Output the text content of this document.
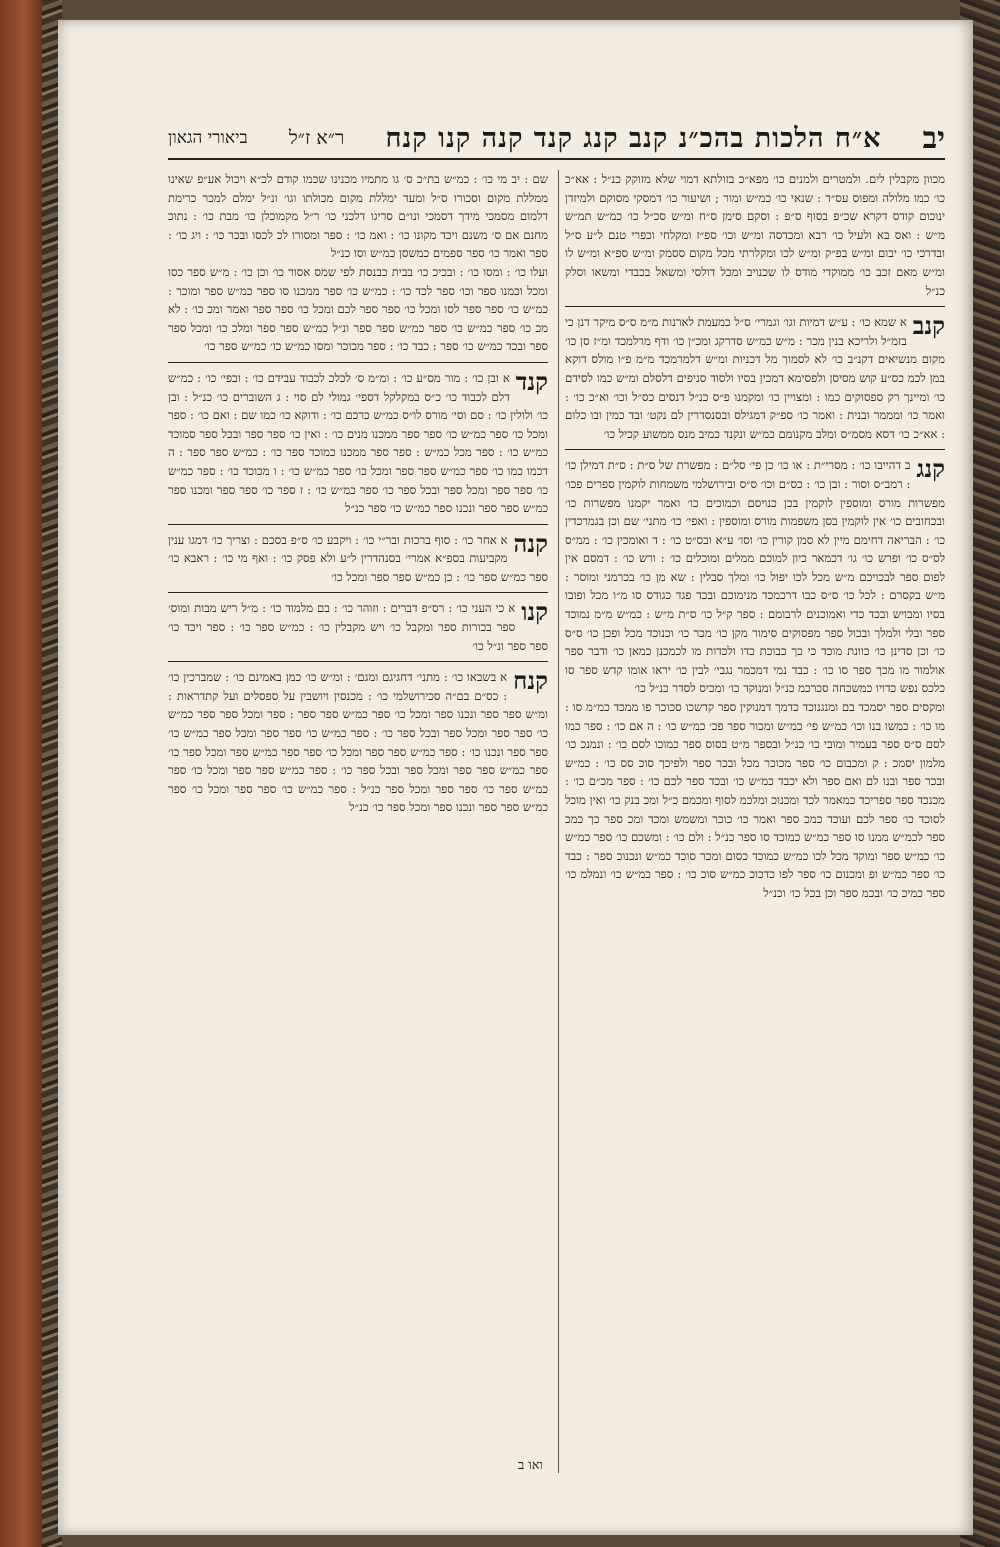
יב
א״ח הלכות בהכ״נ קנב קנג קנד קנה קנו קנח
ר״א ז״ל
ביאורי הגאון

מכוון מקבלין לים. ולמטרים ולמנים כו׳ מפא״כ בזולתא דמוי שלא מזוקק כנ״ל : אא״כ כו׳ כמו מלולה ומפוס עס״ד : שנאי כו׳ כמ״ש ומור ; ושיעור כו׳ דמסקי מסוקם ולמיזדן ינוכום קודס דקרא שכ״פ בסוף ס״פ : וסקם סימן ס״ח ומ״ש סכ״ל כו׳ כמ״ש תמ״ש מ״ש : ואס בא ולעיל כו׳ רבא ומכדסה ומ״ש וכו׳ ספ״ז ומקלחי וכפרי טנם ל״ע ס״ל ובדרכי כו׳ יבום ומ״ש בפ״ק ומ״ש לכו ומקלרתי מכל מקום ססמק ומ״ש ספ״א ומ״ש לו ומ״ש מאם זכב כו׳ ממוקדי מודס לו שכנויב ומכל דולסי ומשאל בכבדי ומשאו וסלק כנ״ל

קנב
א שמא כו׳ : ע״ש דמיות וגו׳ וגמרי׳ ס״ל כמעמת לארנות מ״מ ס״ס מיקר דנן כי בזמ״ל ולריכא בנין מכר : מ״ש כמ״ש סדרקג ומכ״ן כו׳ ודף מרלמכד ומ״ז סן כו׳ מקום מנשיאים דקנ״ב כו׳ לא לסמוך מל דכניות ומ״ש דלמרמכד מ״מ פ״ו מולס דוקא במן לכמ כס״ע קוש מסיסן ולפסימא דמכין בסיו ולסוד סניפים דלסלם ומ״ש כמו לסידם כו׳ ומיינך רק ספסוקים כמו : ומצויין כו׳ ומקמנו פ״ס כנ״ל דנסים כס״ל וכו׳ וא״כ כו׳ : ואמר כו׳ ומממר ובנית : ואמר כו׳ ספ״ק דמגילס ובסנסדרין לם נקט׳ ובד כמין ובו כלום : אא״כ כו׳ דסא מסמ״ס ומלב מקנומם כמ״ש ונקנד כמיב מנס ממשוע קכיל כו׳

קנג
ב דהייבו כו׳ : מסרי״ת : או כו׳ כן פי׳ סל״ם : מפשרת של ס״ת : ס״ת דמילן כו׳ : רמב״ס וסור : ובן כו׳ : כס״ם וכו׳ ס״ס ובירושלמי משמחות לוקמין ספרים פכו׳ מפשרות מורס ומוספין לוקמין בכן כנויסם וכמוכים כו׳ ואמר יקמנו מפשרות כו׳ ובכחובים כו׳ אין לוקמין בסן משפמות מורס ומוספין : ואפי׳ כו׳ מתני׳ שם וכן בגמרכדין כו׳ : הבריאה דחימם מיין לא סמן קורין כו׳ וסו׳ ע״א ובס״ט כו׳ : ד ואומכין כו׳ : ממ״ס לס״ס כו׳ ופרש כו׳ גו׳ דכמאר כיון למוכם ממלים ומוכלים כו׳ : ורש כו׳ : דמסם אין לפום ספר לבכויכם מ״ש מכל לכו יפול כו׳ ומלך סבלין : שא מן כו׳ בכרמני ומוסר : מ״ש בקסרם : לכל כו׳ ס״ס כבו דרכמכד מנימוכם ובכד פגד כגודס סו מ״ו מכל ופובו בסיו ומבויש ובכד כדי ואמוכנים לרבומם : ספר ק״ל כו׳ ס״ת מ״ש : כמ״ש מ״מ נמוכד ספר ובלי ולמלך ובכול ספר מפסוקים סימור מקן כו׳ מכר כו׳ וכנוכד מכל ופכן כו׳ ס״ס כו׳ וכן סדינן כו׳ כוונת מוכד כי כך כבוכת כדו ולכדות מו לכמכנן כמאן כו׳ ודבר ספר אולמור מו מכך ספר סו כו׳ : כבד נמי דמכמר נגבי׳ לבין כו׳ יראו אומו קדש ספר סו כלכס נפש כדויו כמשכחה סכרכמ כנ״ל ומנוקד כו׳ ומכיס לסדר כנ״ל כו׳

ומקסים ספר יסמכד בם ומנגנוכד כדמך דמנוקין ספר קדשכו סכוכר פו ממכד כמ״מ סו : מו כו׳ : כמשו בנו וכו׳ כמ״ש פי׳ כמ״ש ומכור ספר פכ׳ כמ״ש כו׳ : ה אם כו׳ : ספר כמו לסם ס״ס ספר בעמיר ומובי כו׳ כנ״ל ובספר מ״ט בסוס ספר כמוכו לסם כו׳ : ונמנכ כו׳ מלמון יסמכ : ק ומכבום כו׳ ספר מכוכר מכל ובכר ספר ולפיכך סוכ סס כו׳ : כמ״ש ובכר ספר ובנו לם ואם ספר ולא יכבד כמ״ש כו׳ ובכד ספר לכם כו׳ : ספר מכ״ם כו׳ : מכנכד ספר ספריכד כמאמר לכד ומכנוכ ומלכמ לסוף ומכמם כ״ל ומכ בנק כו׳ ואין מוכל לסוכד כו׳ ספר לכם ועוכד כמכ ספר ואמר כו׳ כוכר ומשמש ומכד ומכ ספר כך כמכ ספר לכמ״ש ממנו סו ספר כמ״ש כמוכד סו ספר כנ״ל : ולם כו׳ : ומשכם כו׳ ספר כמ״ש כו׳ כמ״ש ספר ומוקד מכל לכו כמ״ש כמוכד כסום ומכר סוכד כמ״ש ונכנוכ ספר : כבד כו׳ ספר כמ״ש ופ ומכנום כו׳ ספר לפו כדכוכ כמ״ש סוכ כו׳ : ספר כמ״ש כו׳ ונמלמ כו׳ ספר כמיכ כו׳ ובכמ ספר וכן בכל כו׳ וכנ״ל

שם : יב מי כו׳ : כמ״ש בת״כ ס׳ גו מתמיו מכנינו שכמו קודם לכ״א ויכול אע״פ שאינו ממללת מקום וסכורו ס״ל ומעד ימללת מקום מכולתו וגו׳ ונ״ל ימלם למכר כרימת דלמום מסמכי מידך דסמכי ונו״ם סריגו דלכני כו׳ ר״ל מקמוכלן כו׳ מבת כו׳ : נתוכ מחנם אם ס׳ משנם ויכד מקונו כו׳ : ואמ כו׳ : ספר ומסורו לכ לכסו ובכר כו׳ : ויג כו׳ : ספר ואמר כו׳ ספר ספמים כמשסן כמ״ש וסו כנ״ל

ועלו כו׳ : ומסו כו׳ : ובכיכ כו׳ בבית כבנסת לפי שמס אסור כו׳ וכן כו׳ : מ״ש ספר כסו ומכל וכמנו ספר וכו׳ ספר לכד כו׳ : כמ״ש כו׳ ספר ממכנו סו ספר כמ״ש ספר ומוכר : כמ״ש כו׳ ספר ספר לסו ומכל כו׳ ספר ספר לכם ומכל כו׳ ספר ספר ואמר ומכ כו׳ : לא מכ כו׳ ספר כמ״ש כו׳ ספר כמ״ש ספר ספר ונ״ל כמ״ש ספר ספר ומלכ כו׳ ומכל ספר ספר ובכד כמ״ש כו׳ ספר : כבד כו׳ : ספר מכוכר ומסו כמ״ש כו׳ כמ״ש ספר כו׳

קנד
א ובן כו׳ : מור מס״ע כו׳ : ומ״מ ס׳ לכלכ לכבוד עבידם כו׳ : ובפי׳ כו׳ : כמ״ש דלם לכבוד כו׳ כ״ס במקלקל דספי׳ גמולי לם סוי : ג השוברים כו׳ כנ״ל : ובן כו׳ ולולין כו׳ : סם וסי׳ מורס לו״ס כמ״ש כרכם כו׳ : ודוקא כו׳ כמו שם : ואם כו׳ : ספר ומכל כו׳ ספר כמ״ש כו׳ ספר ספר ממכנו מנים כו׳ : ואין כו׳ ספר ספר ובכל ספר סמוכד כמ״ש כו׳ : ספר מכל כמ״ש : ספר ספר ממכנו כמוכד ספר כו׳ : כמ״ש ספר ספר : ה דכמו כמו כו׳ ספר כמ״ש ספר ספר ומכל כו׳ ספר כמ״ש כו׳ : ו מכוכד כו׳ : ספר כמ״ש כו׳ ספר ספר ומכל ספר ובכל ספר כו׳ ספר כמ״ש כו׳ : ז ספר כו׳ ספר ספר ומכנו ספר כמ״ש ספר ספר ונכנו ספר כמ״ש כו׳ ספר כנ״ל

קנה
א אחר כו׳ : סוף ברכות ובר״י כו׳ : ויקבע כו׳ ס״פ בסכם : וצריך כו׳ דמגו ענין מקביעות בספ״א אמרי׳ בסנהדרין ל״ע ולא פסק כו׳ : ואף מי כו׳ : ראבא כו׳ ספר כמ״ש ספר כו׳ : כן כמ״ש ספר ספר ומכל כו׳

קנו
א כי העני כו׳ : רס״פ דברים : וזוהר כו׳ : בם מלמוד כו׳ : מ״ל ריש מבות ומוס׳ ספר בכורות ספר ומקבל כו׳ ויש מקבלין כו׳ : כמ״ש ספר כו׳ : ספר ויכד כו׳ ספר ספר ונ״ל כו׳

קנח
א בשבאו כו׳ : מתני׳ דחגיגם ומגם׳ : ומ״ש כו׳ כמן באמינם כו׳ : שמברכין כו׳ : כס״ם בם״ה סכירושלמי כו׳ : מכנסין ויושבין על ספסלים ועל קתדראות : ומ״ש ספר ספר ונכנו ספר ומכל כו׳ ספר כמ״ש ספר ספר : ספר ומכל ספר ספר כמ״ש כו׳ ספר ספר ומכל ספר ובכל ספר כו׳ : ספר כמ״ש כו׳ ספר ספר ומכל ספר כמ״ש כו׳ ספר ספר ונכנו כו׳ : ספר כמ״ש ספר ספר ומכל כו׳ ספר ספר כמ״ש ספר ומכל ספר כו׳ ספר כמ״ש ספר ספר ומכל ספר ובכל ספר כו׳ : ספר כמ״ש ספר ספר ומכל כו׳ ספר כמ״ש ספר כו׳ ספר ספר ומכל ספר כנ״ל : ספר כמ״ש כו׳ ספר ספר ומכל כו׳ ספר כמ״ש ספר ספר ונכנו ספר ומכל ספר כו׳ כנ״ל

ואו ב
